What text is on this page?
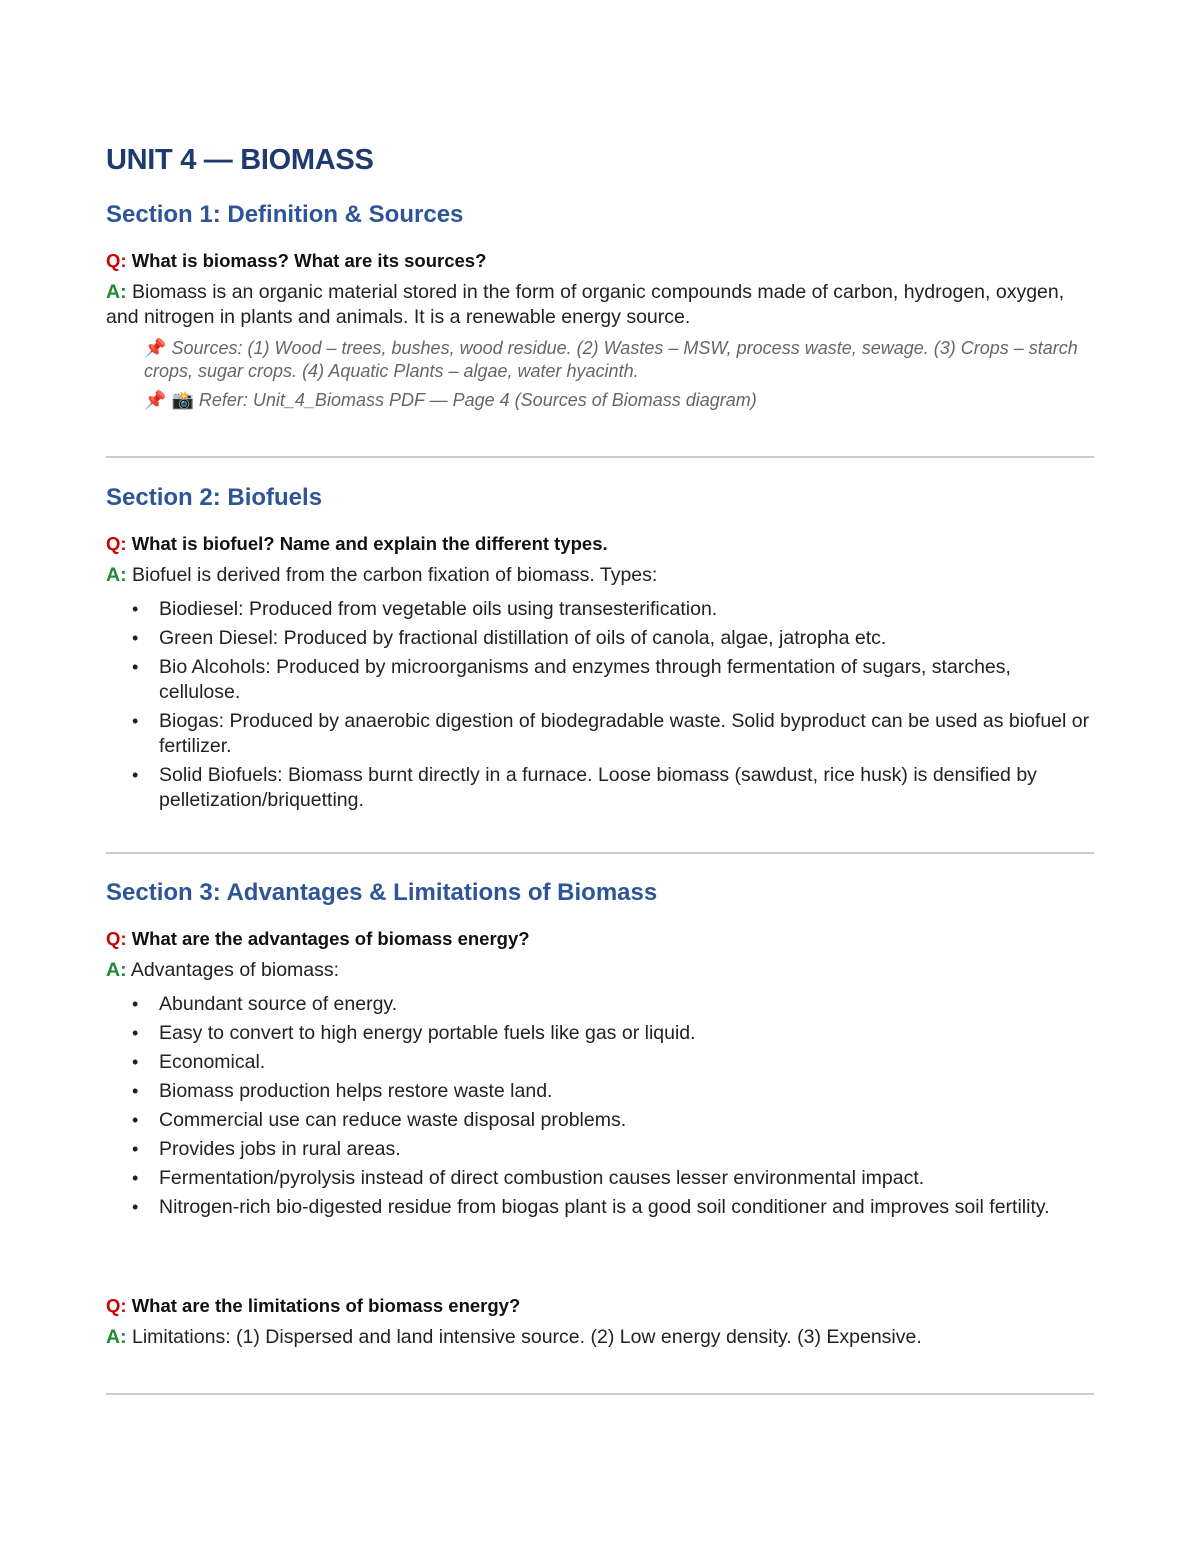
UNIT 4 — BIOMASS
Section 1: Definition & Sources

Q: What is biomass? What are its sources?

A: Biomass is an organic material stored in the form of organic compounds made of carbon, hydrogen, oxygen, and nitrogen in plants and animals. It is a renewable energy source.

📌 Sources: (1) Wood – trees, bushes, wood residue. (2) Wastes – MSW, process waste, sewage. (3) Crops – starch crops, sugar crops. (4) Aquatic Plants – algae, water hyacinth.

📌 📸 Refer: Unit_4_Biomass PDF — Page 4 (Sources of Biomass diagram)

Section 2: Biofuels

Q: What is biofuel? Name and explain the different types.

A: Biofuel is derived from the carbon fixation of biomass. Types:

• Biodiesel: Produced from vegetable oils using transesterification.
• Green Diesel: Produced by fractional distillation of oils of canola, algae, jatropha etc.
• Bio Alcohols: Produced by microorganisms and enzymes through fermentation of sugars, starches, cellulose.
• Biogas: Produced by anaerobic digestion of biodegradable waste. Solid byproduct can be used as biofuel or fertilizer.
• Solid Biofuels: Biomass burnt directly in a furnace. Loose biomass (sawdust, rice husk) is densified by pelletization/briquetting.
Section 3: Advantages & Limitations of Biomass

Q: What are the advantages of biomass energy?

A: Advantages of biomass:

• Abundant source of energy.
• Easy to convert to high energy portable fuels like gas or liquid.
• Economical.
• Biomass production helps restore waste land.
• Commercial use can reduce waste disposal problems.
• Provides jobs in rural areas.
• Fermentation/pyrolysis instead of direct combustion causes lesser environmental impact.
• Nitrogen-rich bio-digested residue from biogas plant is a good soil conditioner and improves soil fertility.

Q: What are the limitations of biomass energy?

A: Limitations: (1) Dispersed and land intensive source. (2) Low energy density. (3) Expensive.
